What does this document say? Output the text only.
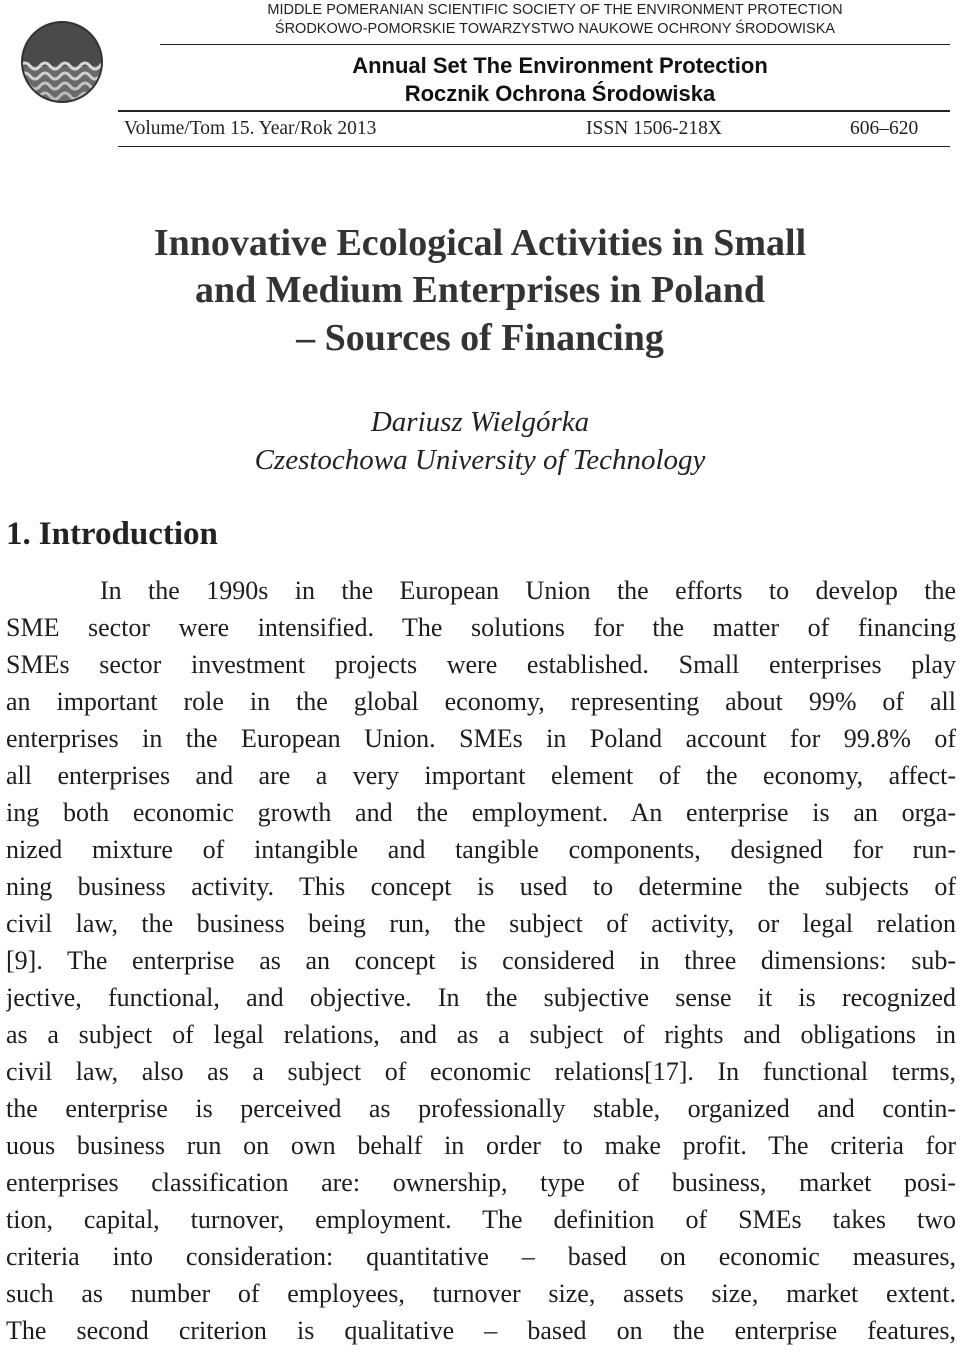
MIDDLE POMERANIAN SCIENTIFIC SOCIETY OF THE ENVIRONMENT PROTECTION
ŚRODKOWO-POMORSKIE TOWARZYSTWO NAUKOWE OCHRONY ŚRODOWISKA
Annual Set The Environment Protection
Rocznik Ochrona Środowiska
Volume/Tom 15. Year/Rok 2013	ISSN 1506-218X	606–620
Innovative Ecological Activities in Small
and Medium Enterprises in Poland
– Sources of Financing
Dariusz Wielgórka
Czestochowa University of Technology
1. Introduction
In the 1990s in the European Union the efforts to develop the
SME sector were intensified. The solutions for the matter of financing
SMEs sector investment projects were established. Small enterprises play
an important role in the global economy, representing about 99% of all
enterprises in the European Union. SMEs in Poland account for 99.8% of
all enterprises and are a very important element of the economy, affect-
ing both economic growth and the employment. An enterprise is an orga-
nized mixture of intangible and tangible components, designed for run-
ning business activity. This concept is used to determine the subjects of
civil law, the business being run, the subject of activity, or legal relation
[9]. The enterprise as an concept is considered in three dimensions: sub-
jective, functional, and objective. In the subjective sense it is recognized
as a subject of legal relations, and as a subject of rights and obligations in
civil law, also as a subject of economic relations[17]. In functional terms,
the enterprise is perceived as professionally stable, organized and contin-
uous business run on own behalf in order to make profit. The criteria for
enterprises classification are: ownership, type of business, market posi-
tion, capital, turnover, employment. The definition of SMEs takes two
criteria into consideration: quantitative – based on economic measures,
such as number of employees, turnover size, assets size, market extent.
The second criterion is qualitative – based on the enterprise features,
